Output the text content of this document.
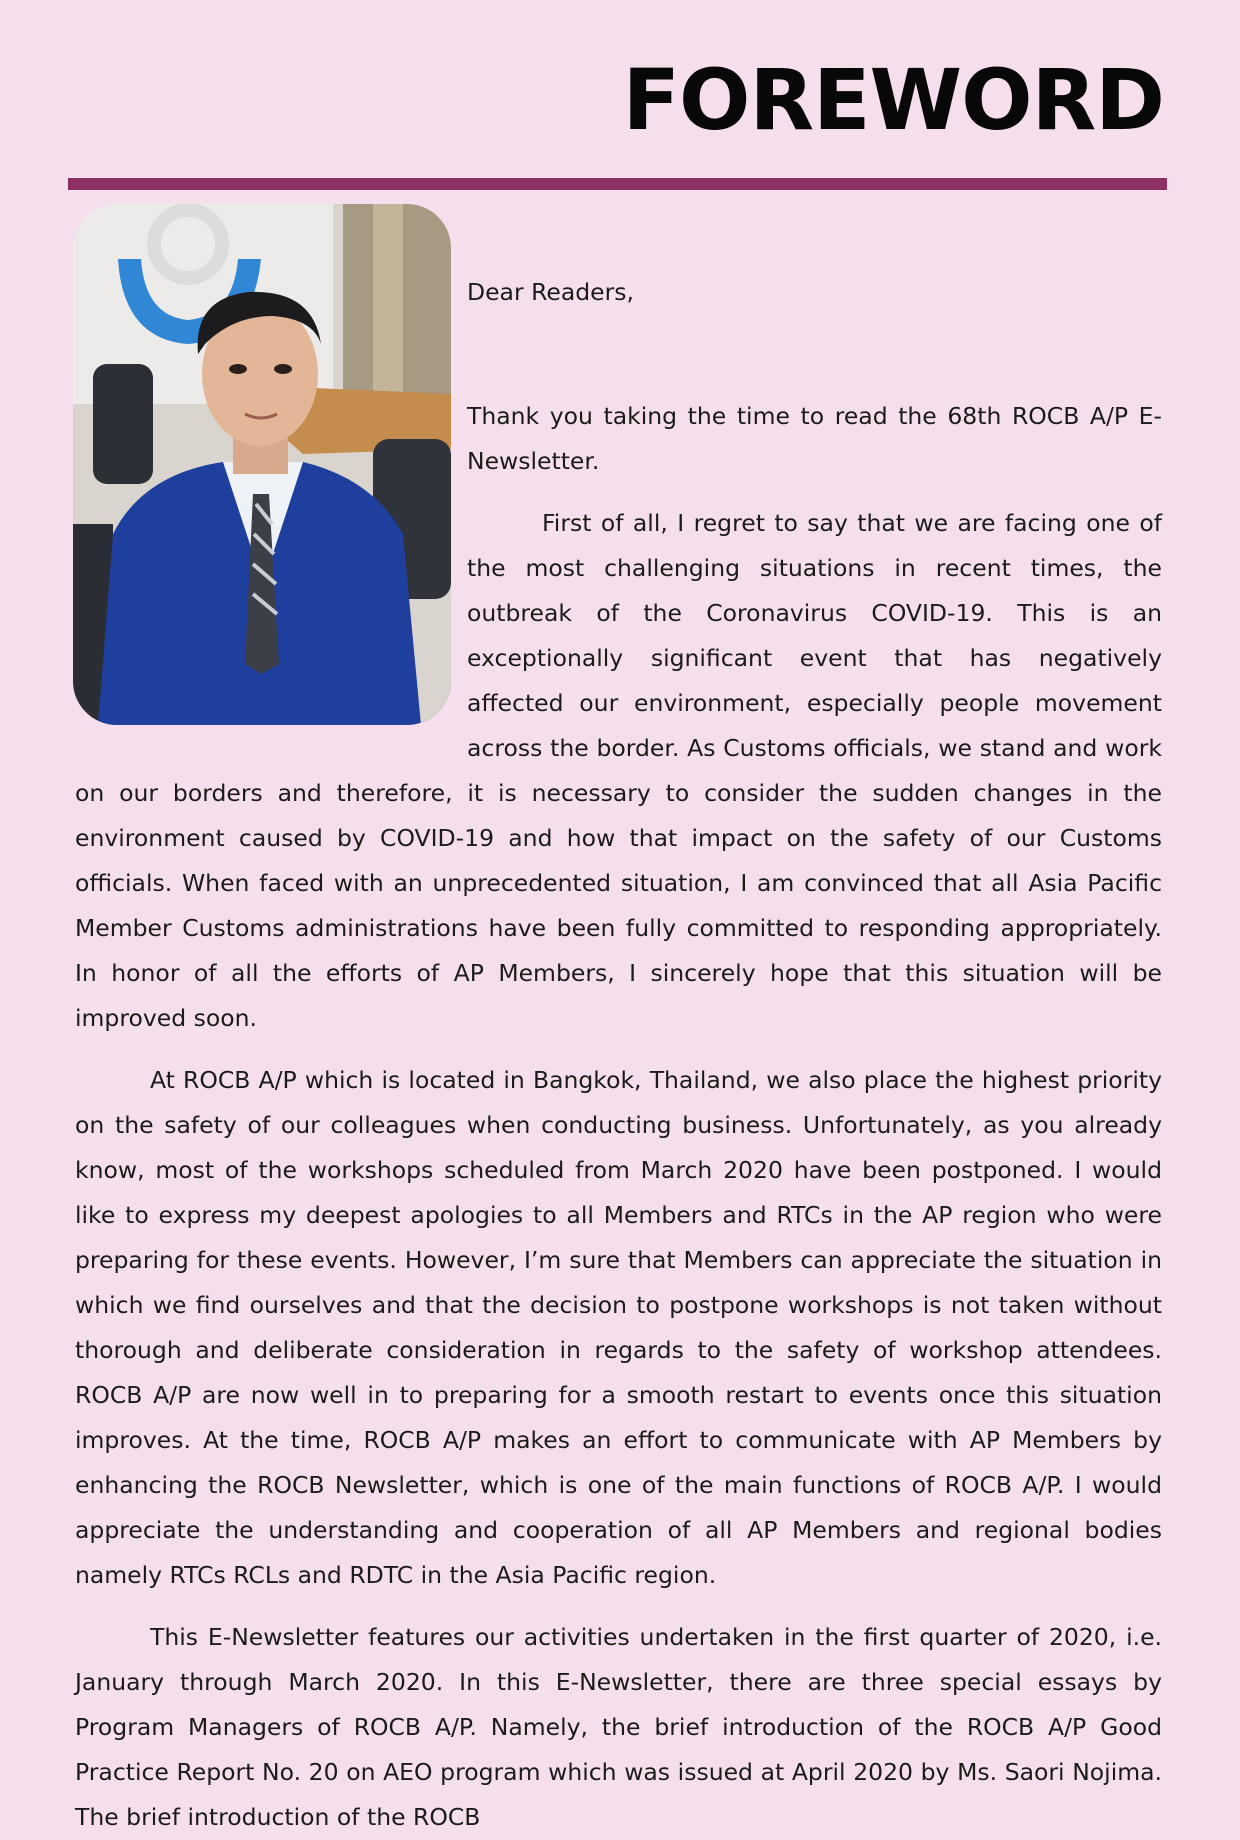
FOREWORD

Dear Readers,

Thank you taking the time to read the 68th ROCB A/P E-Newsletter.

First of all, I regret to say that we are facing one of the most challenging situations in recent times, the outbreak of the Coronavirus COVID-19. This is an exceptionally significant event that has negatively affected our environment, especially people movement across the border. As Customs officials, we stand and work on our borders and therefore, it is necessary to consider the sudden changes in the environment caused by COVID-19 and how that impact on the safety of our Customs officials. When faced with an unprecedented situation, I am convinced that all Asia Pacific Member Customs administrations have been fully committed to responding appropriately. In honor of all the efforts of AP Members, I sincerely hope that this situation will be improved soon.

At ROCB A/P which is located in Bangkok, Thailand, we also place the highest priority on the safety of our colleagues when conducting business. Unfortunately, as you already know, most of the workshops scheduled from March 2020 have been postponed. I would like to express my deepest apologies to all Members and RTCs in the AP region who were preparing for these events. However, I’m sure that Members can appreciate the situation in which we find ourselves and that the decision to postpone workshops is not taken without thorough and deliberate consideration in regards to the safety of workshop attendees. ROCB A/P are now well in to preparing for a smooth restart to events once this situation improves. At the time, ROCB A/P makes an effort to communicate with AP Members by enhancing the ROCB Newsletter, which is one of the main functions of ROCB A/P. I would appreciate the understanding and cooperation of all AP Members and regional bodies namely RTCs RCLs and RDTC in the Asia Pacific region.

This E-Newsletter features our activities undertaken in the first quarter of 2020, i.e. January through March 2020. In this E-Newsletter, there are three special essays by Program Managers of ROCB A/P. Namely, the brief introduction of the ROCB A/P Good Practice Report No. 20 on AEO program which was issued at April 2020 by Ms. Saori Nojima. The brief introduction of the ROCB
